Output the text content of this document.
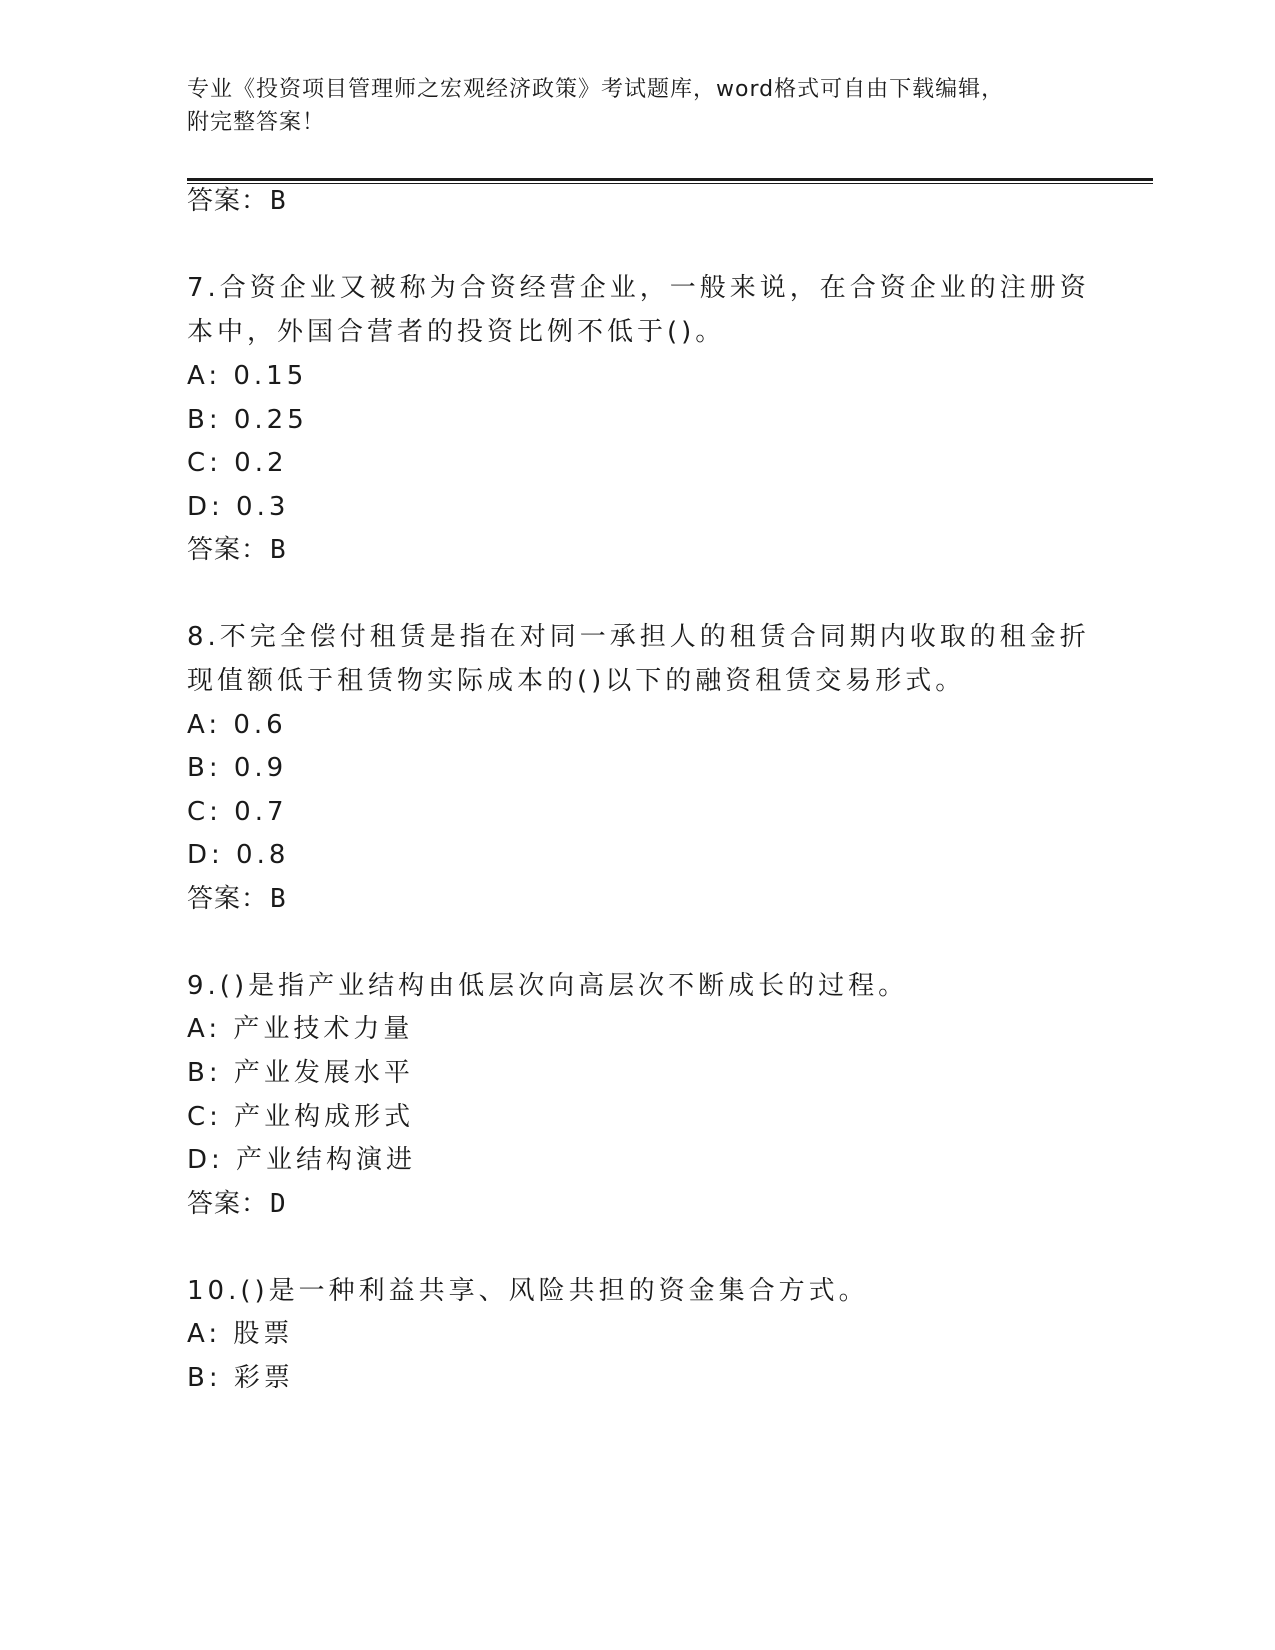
专业《投资项目管理师之宏观经济政策》考试题库，word格式可自由下载编辑，
附完整答案！
答案：B
7.合资企业又被称为合资经营企业，一般来说，在合资企业的注册资
本中，外国合营者的投资比例不低于()。
A: 0.15
B: 0.25
C: 0.2
D: 0.3
答案：B
8.不完全偿付租赁是指在对同一承担人的租赁合同期内收取的租金折
现值额低于租赁物实际成本的()以下的融资租赁交易形式。
A: 0.6
B: 0.9
C: 0.7
D: 0.8
答案：B
9.()是指产业结构由低层次向高层次不断成长的过程。
A: 产业技术力量
B: 产业发展水平
C: 产业构成形式
D: 产业结构演进
答案：D
10.()是一种利益共享、风险共担的资金集合方式。
A: 股票
B: 彩票
